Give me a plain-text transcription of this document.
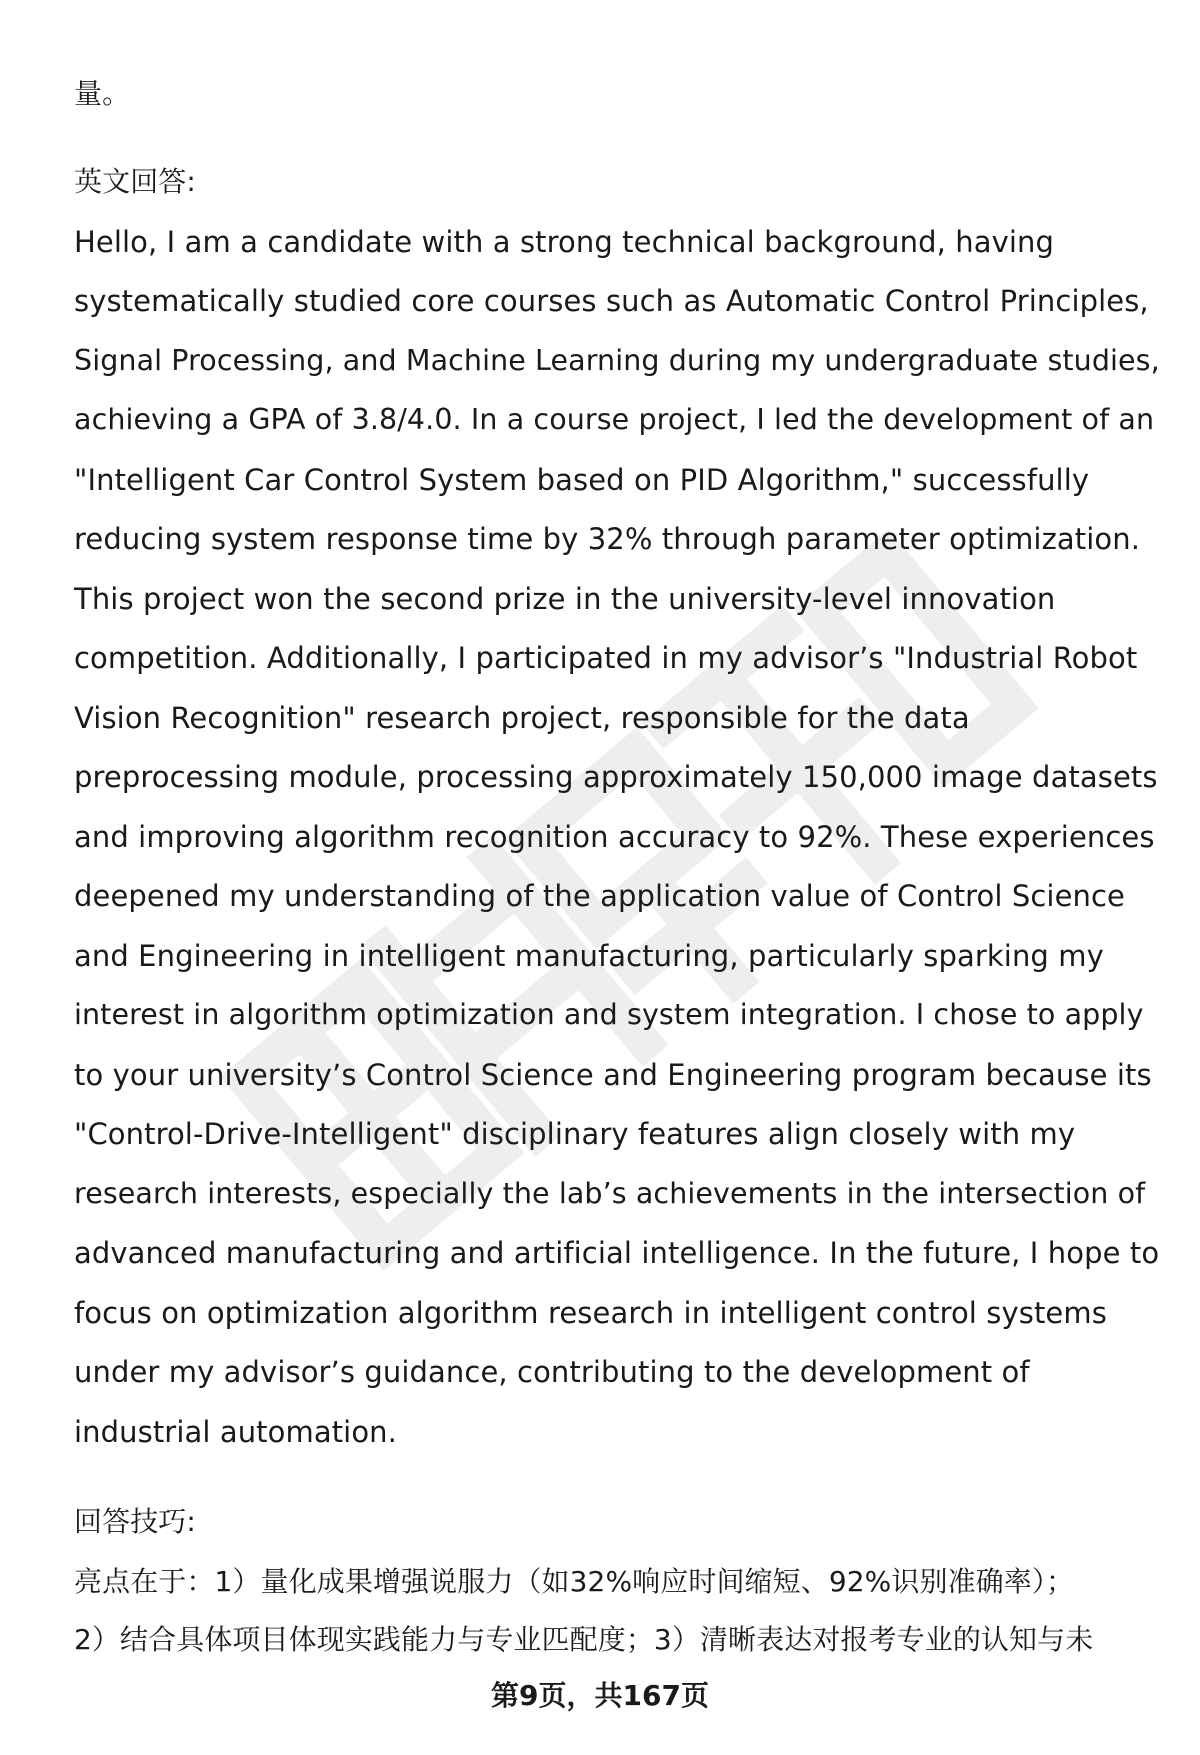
量。
英文回答:
Hello, I am a candidate with a strong technical background, having
systematically studied core courses such as Automatic Control Principles,
Signal Processing, and Machine Learning during my undergraduate studies,
achieving a GPA of 3.8/4.0. In a course project, I led the development of an
"Intelligent Car Control System based on PID Algorithm," successfully
reducing system response time by 32% through parameter optimization.
This project won the second prize in the university-level innovation
competition. Additionally, I participated in my advisor’s "Industrial Robot
Vision Recognition" research project, responsible for the data
preprocessing module, processing approximately 150,000 image datasets
and improving algorithm recognition accuracy to 92%. These experiences
deepened my understanding of the application value of Control Science
and Engineering in intelligent manufacturing, particularly sparking my
interest in algorithm optimization and system integration. I chose to apply
to your university’s Control Science and Engineering program because its
"Control-Drive-Intelligent" disciplinary features align closely with my
research interests, especially the lab’s achievements in the intersection of
advanced manufacturing and artificial intelligence. In the future, I hope to
focus on optimization algorithm research in intelligent control systems
under my advisor’s guidance, contributing to the development of
industrial automation.
回答技巧:
亮点在于：1）量化成果增强说服力（如32%响应时间缩短、92%识别准确率）；
2）结合具体项目体现实践能力与专业匹配度；3）清晰表达对报考专业的认知与未
第9页，共167页
